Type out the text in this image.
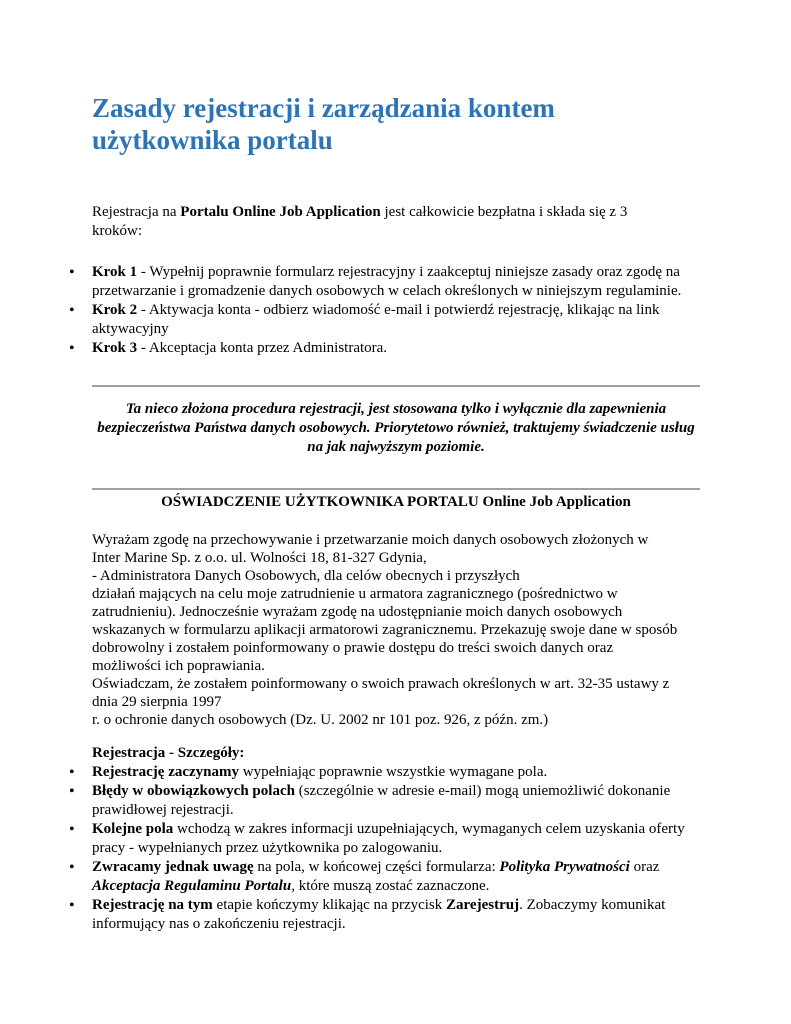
Zasady rejestracji i zarządzania kontem użytkownika portalu

Rejestracja na Portalu Online Job Application jest całkowicie bezpłatna i składa się z 3 kroków:

• Krok 1 - Wypełnij poprawnie formularz rejestracyjny i zaakceptuj niniejsze zasady oraz zgodę na przetwarzanie i gromadzenie danych osobowych w celach określonych w niniejszym regulaminie.
• Krok 2 - Aktywacja konta - odbierz wiadomość e-mail i potwierdź rejestrację, klikając na link aktywacyjny
• Krok 3 - Akceptacja konta przez Administratora.

Ta nieco złożona procedura rejestracji, jest stosowana tylko i wyłącznie dla zapewnienia bezpieczeństwa Państwa danych osobowych. Priorytetowo również, traktujemy świadczenie usług na jak najwyższym poziomie.

OŚWIADCZENIE UŻYTKOWNIKA PORTALU Online Job Application

Wyrażam zgodę na przechowywanie i przetwarzanie moich danych osobowych złożonych w

Inter Marine Sp. z o.o. ul. Wolności 18, 81-327 Gdynia,

- Administratora Danych Osobowych, dla celów obecnych i przyszłych

działań mających na celu moje zatrudnienie u armatora zagranicznego (pośrednictwo w

zatrudnieniu). Jednocześnie wyrażam zgodę na udostępnianie moich danych osobowych

wskazanych w formularzu aplikacji armatorowi zagranicznemu. Przekazuję swoje dane w sposób

dobrowolny i zostałem poinformowany o prawie dostępu do treści swoich danych oraz

możliwości ich poprawiania.

Oświadczam, że zostałem poinformowany o swoich prawach określonych w art. 32-35 ustawy z

dnia 29 sierpnia 1997

r. o ochronie danych osobowych (Dz. U. 2002 nr 101 poz. 926, z późn. zm.)

Rejestracja - Szczegóły:

• Rejestrację zaczynamy wypełniając poprawnie wszystkie wymagane pola.
• Błędy w obowiązkowych polach (szczególnie w adresie e-mail) mogą uniemożliwić dokonanie prawidłowej rejestracji.
• Kolejne pola wchodzą w zakres informacji uzupełniających, wymaganych celem uzyskania oferty pracy - wypełnianych przez użytkownika po zalogowaniu.
• Zwracamy jednak uwagę na pola, w końcowej części formularza: Polityka Prywatności oraz Akceptacja Regulaminu Portalu, które muszą zostać zaznaczone.
• Rejestrację na tym etapie kończymy klikając na przycisk Zarejestruj. Zobaczymy komunikat informujący nas o zakończeniu rejestracji.
